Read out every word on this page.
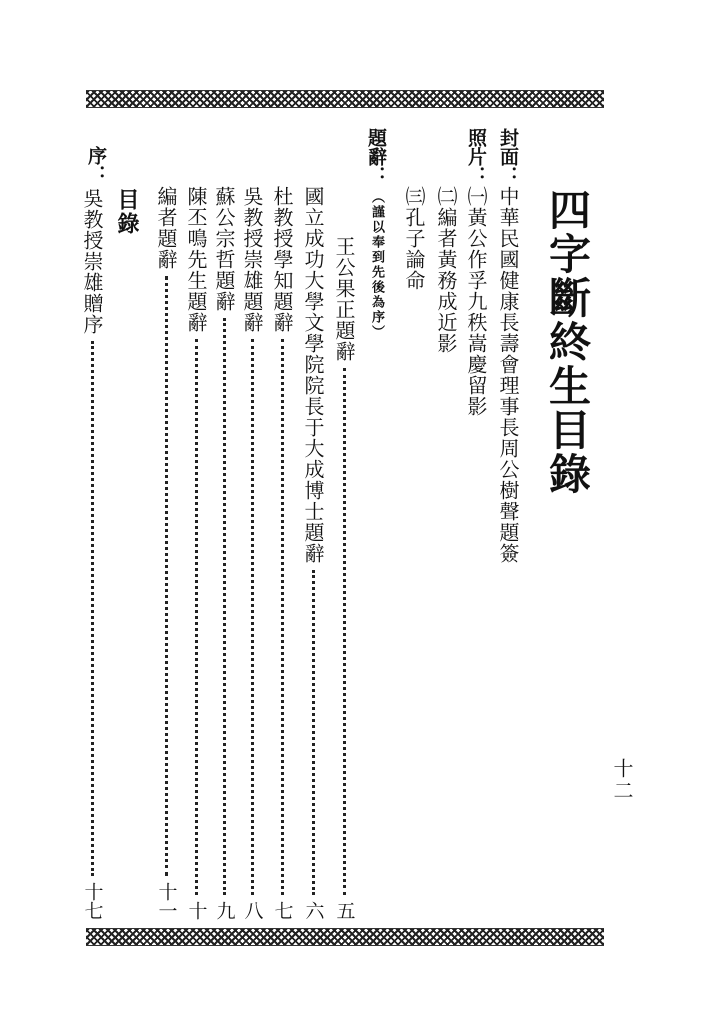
四字斷終生目錄
封面：
中華民國健康長壽會理事長周公樹聲題簽
照片：
㈠黃公作孚九秩嵩慶留影
㈡編者黃務成近影
㈢孔子論命
題辭：
（謹以奉到先後為序）
王公果正題辭
五
國立成功大學文學院院長于大成博士題辭
六
杜教授學知題辭
七
吳教授崇雄題辭
八
蘇公宗哲題辭
九
陳丕鳴先生題辭
十
編者題辭
十一
目錄
序：
吳教授崇雄贈序
十七
十二
